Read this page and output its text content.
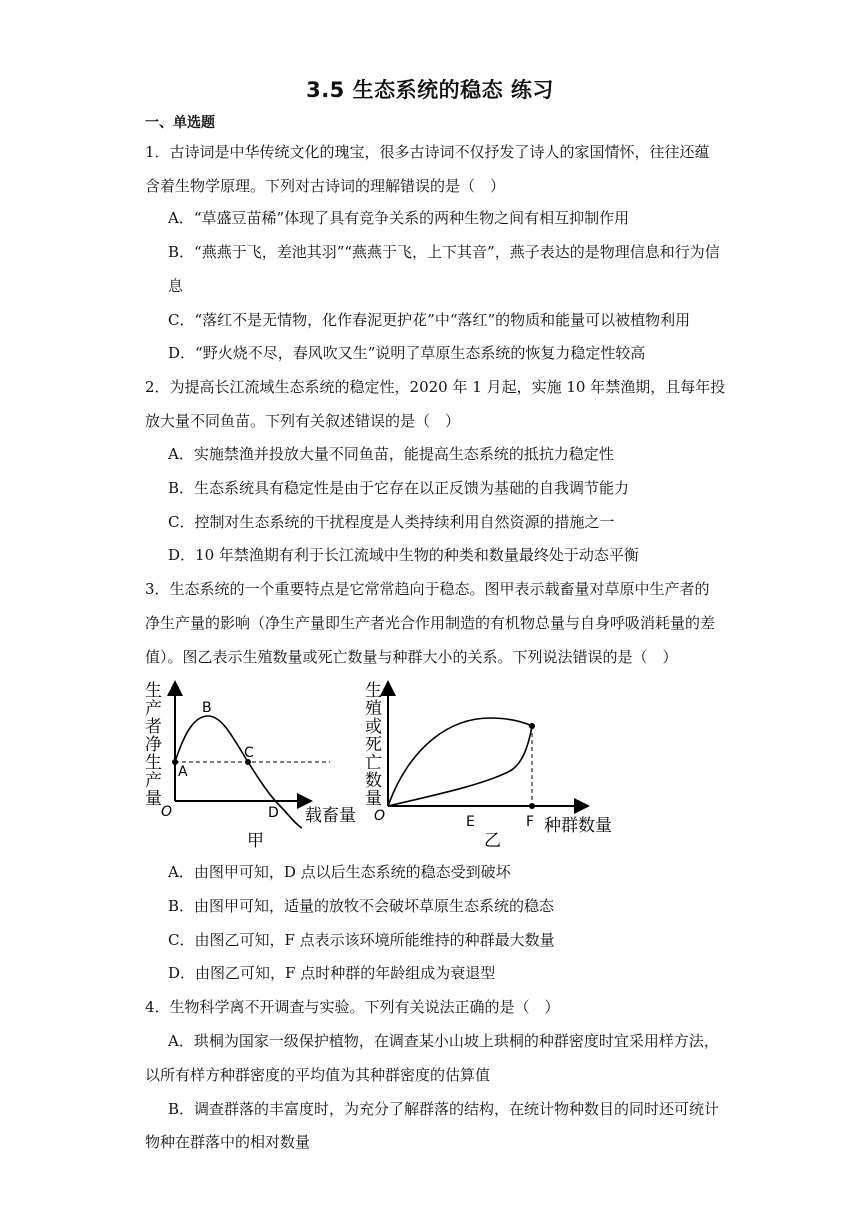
3.5 生态系统的稳态 练习
一、单选题
1．古诗词是中华传统文化的瑰宝，很多古诗词不仅抒发了诗人的家国情怀，往往还蕴
含着生物学原理。下列对古诗词的理解错误的是（　）
A．“草盛豆苗稀”体现了具有竞争关系的两种生物之间有相互抑制作用
B．“燕燕于飞，差池其羽”“燕燕于飞，上下其音”，燕子表达的是物理信息和行为信
息
C．“落红不是无情物，化作春泥更护花”中“落红”的物质和能量可以被植物利用
D．“野火烧不尽，春风吹又生”说明了草原生态系统的恢复力稳定性较高
2．为提高长江流域生态系统的稳定性，2020 年 1 月起，实施 10 年禁渔期，且每年投
放大量不同鱼苗。下列有关叙述错误的是（　）
A．实施禁渔并投放大量不同鱼苗，能提高生态系统的抵抗力稳定性
B．生态系统具有稳定性是由于它存在以正反馈为基础的自我调节能力
C．控制对生态系统的干扰程度是人类持续利用自然资源的措施之一
D．10 年禁渔期有利于长江流域中生物的种类和数量最终处于动态平衡
3．生态系统的一个重要特点是它常常趋向于稳态。图甲表示载畜量对草原中生产者的
净生产量的影响（净生产量即生产者光合作用制造的有机物总量与自身呼吸消耗量的差
值）。图乙表示生殖数量或死亡数量与种群大小的关系。下列说法错误的是（　）
生
产
者
净
生
产
量
A
B
C
D
O	载畜量
甲
生
殖
或
死
亡
数
量
O	E	F 种群数量
乙
A．由图甲可知，D 点以后生态系统的稳态受到破坏
B．由图甲可知，适量的放牧不会破坏草原生态系统的稳态
C．由图乙可知，F 点表示该环境所能维持的种群最大数量
D．由图乙可知，F 点时种群的年龄组成为衰退型
4．生物科学离不开调查与实验。下列有关说法正确的是（　）
A．珙桐为国家一级保护植物，在调查某小山坡上珙桐的种群密度时宜采用样方法，
以所有样方种群密度的平均值为其种群密度的估算值
B．调查群落的丰富度时，为充分了解群落的结构，在统计物种数目的同时还可统计
物种在群落中的相对数量
